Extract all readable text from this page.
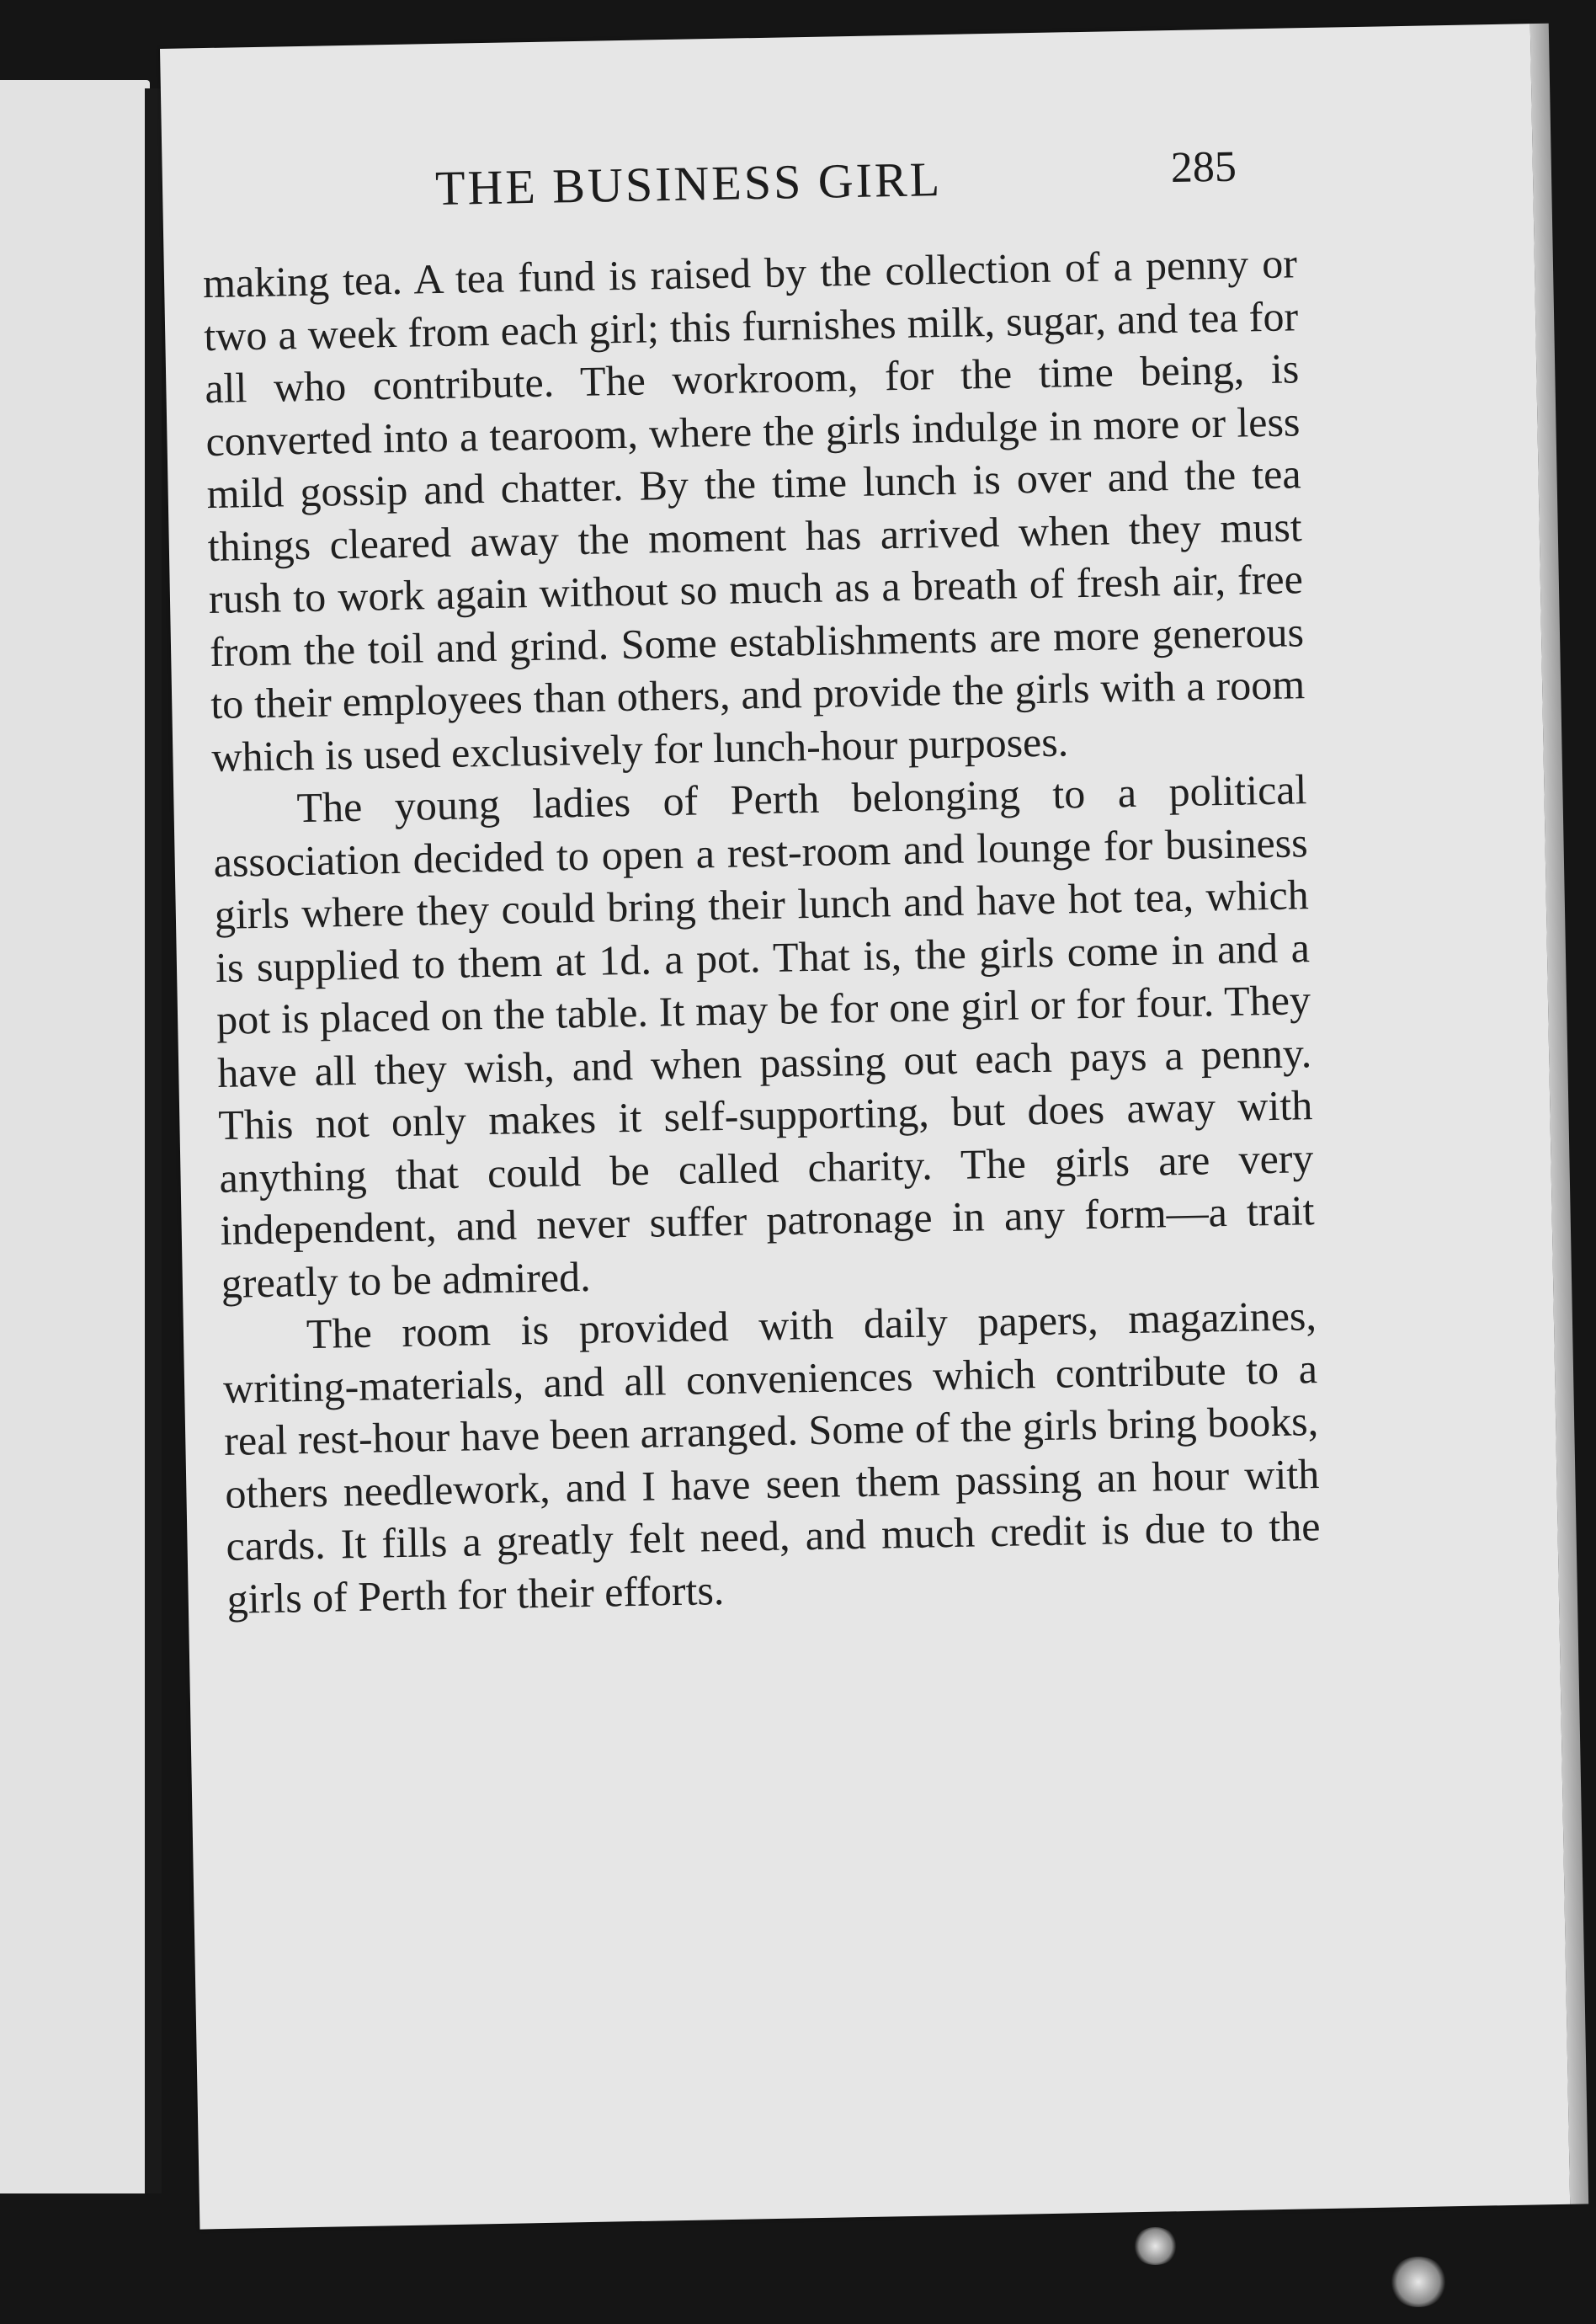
THE BUSINESS GIRL	285

making tea. A tea fund is raised by the collection of a penny or two a week from each girl; this furnishes milk, sugar, and tea for all who contribute. The workroom, for the time being, is converted into a tearoom, where the girls indulge in more or less mild gossip and chatter. By the time lunch is over and the tea things cleared away the moment has arrived when they must rush to work again without so much as a breath of fresh air, free from the toil and grind. Some establishments are more generous to their employees than others, and provide the girls with a room which is used exclusively for lunch-hour purposes.

The young ladies of Perth belonging to a political association decided to open a rest-room and lounge for business girls where they could bring their lunch and have hot tea, which is supplied to them at 1d. a pot. That is, the girls come in and a pot is placed on the table. It may be for one girl or for four. They have all they wish, and when passing out each pays a penny. This not only makes it self-supporting, but does away with anything that could be called charity. The girls are very independent, and never suffer patronage in any form—a trait greatly to be admired.

The room is provided with daily papers, magazines, writing-materials, and all conveniences which contribute to a real rest-hour have been arranged. Some of the girls bring books, others needlework, and I have seen them passing an hour with cards. It fills a greatly felt need, and much credit is due to the girls of Perth for their efforts.
